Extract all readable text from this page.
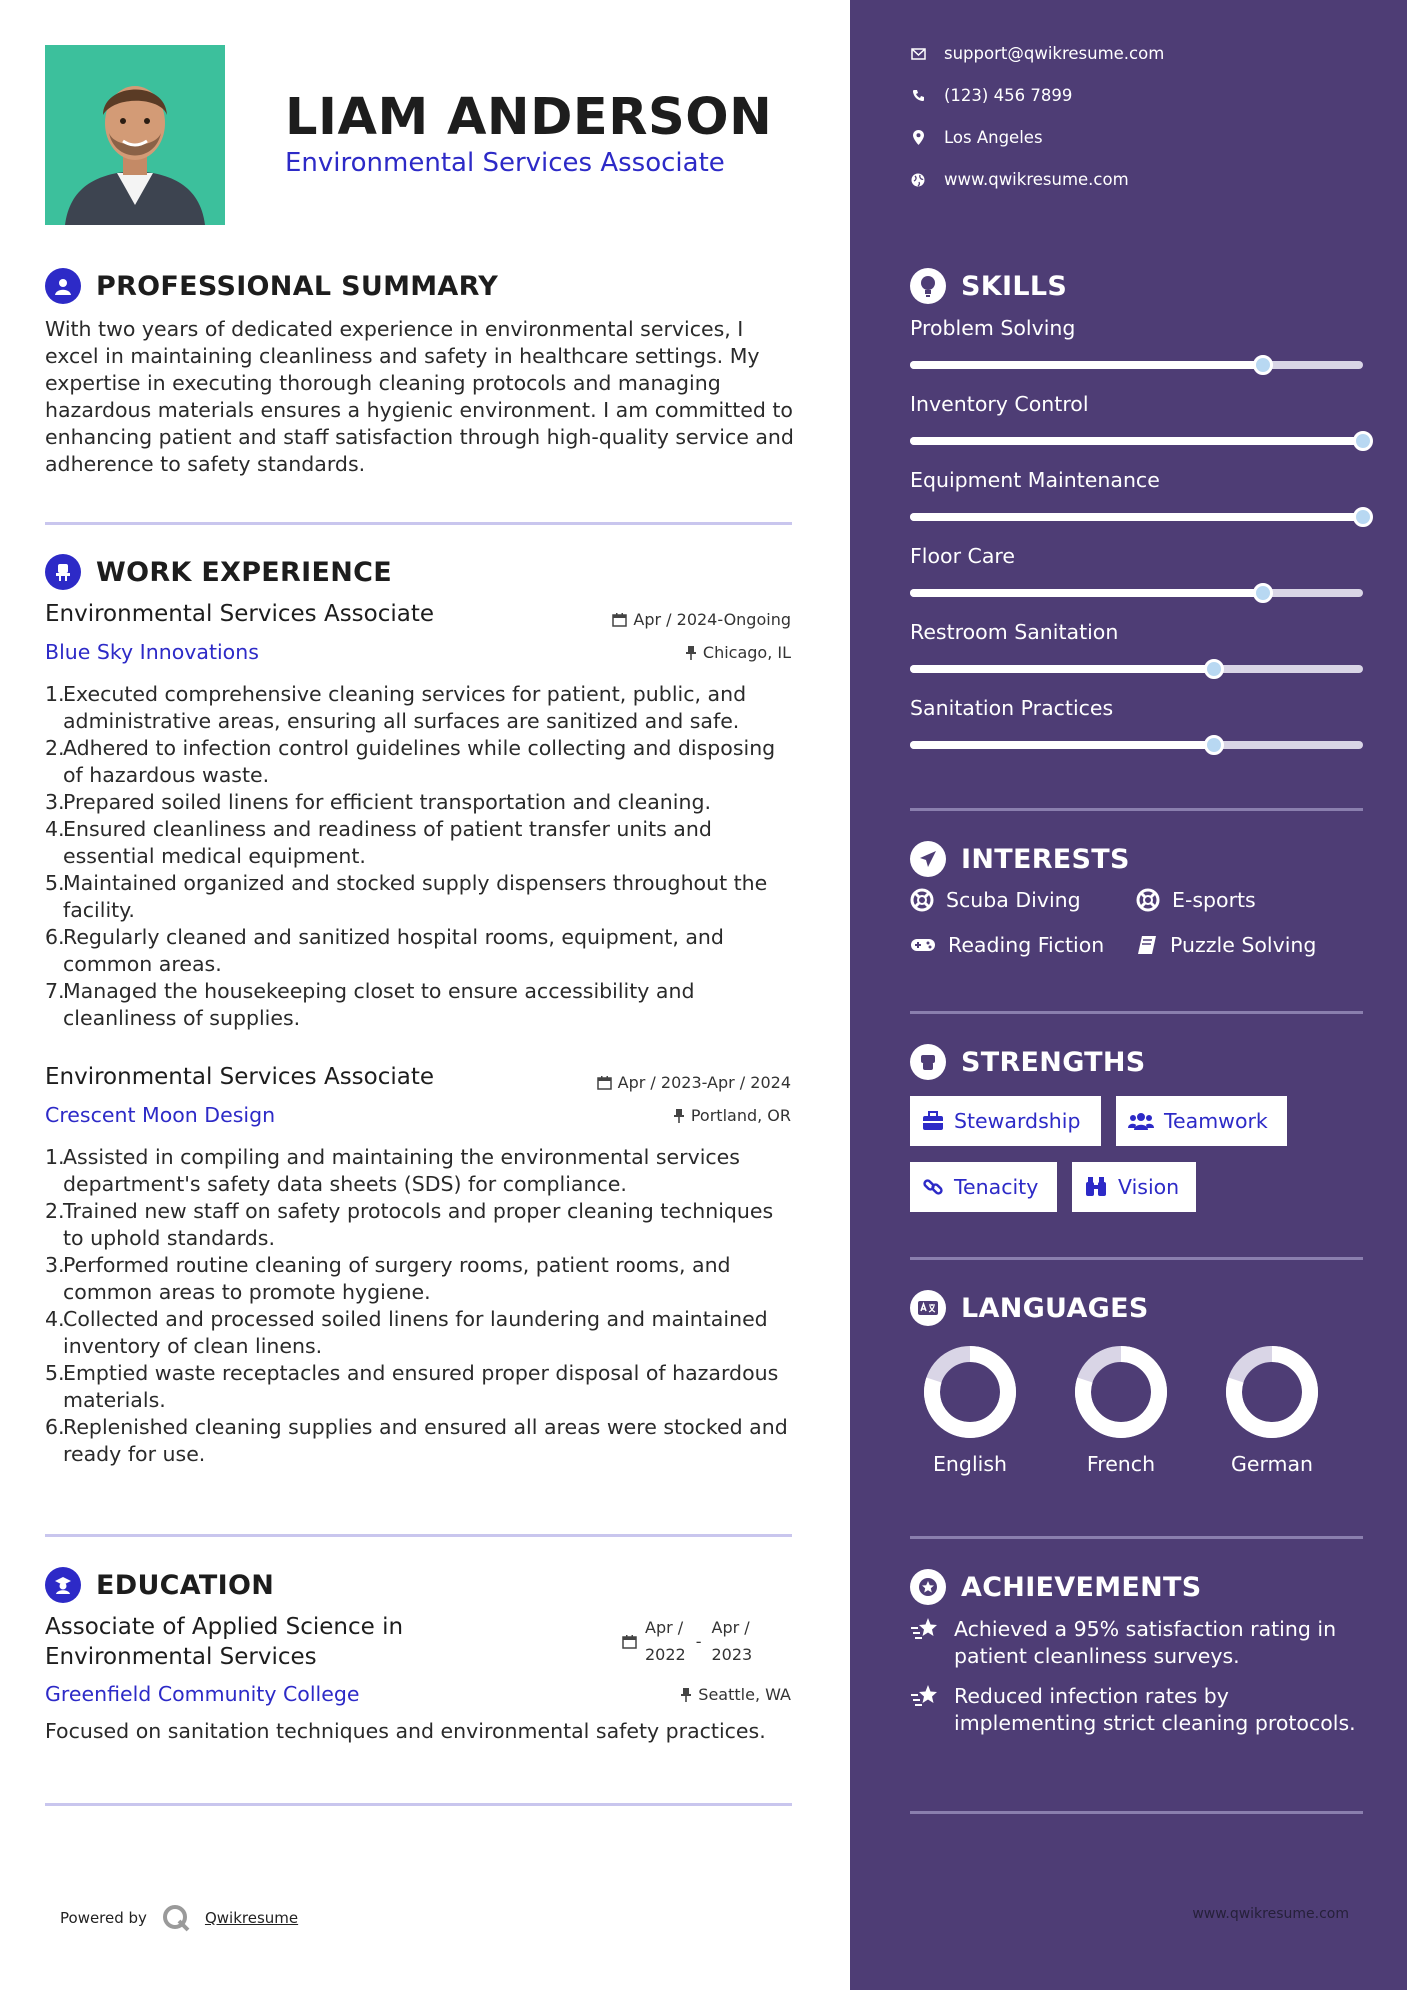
LIAM ANDERSON
Environmental Services Associate
PROFESSIONAL SUMMARY
With two years of dedicated experience in environmental services, I excel in maintaining cleanliness and safety in healthcare settings. My expertise in executing thorough cleaning protocols and managing hazardous materials ensures a hygienic environment. I am committed to enhancing patient and staff satisfaction through high-quality service and adherence to safety standards.
WORK EXPERIENCE
Environmental Services Associate	Apr / 2024-Ongoing
Blue Sky Innovations	Chicago, IL
1.
Executed comprehensive cleaning services for patient, public, and administrative areas, ensuring all surfaces are sanitized and safe.
2.
Adhered to infection control guidelines while collecting and disposing of hazardous waste.
3.
Prepared soiled linens for efficient transportation and cleaning.
4.
Ensured cleanliness and readiness of patient transfer units and essential medical equipment.
5.
Maintained organized and stocked supply dispensers throughout the facility.
6.
Regularly cleaned and sanitized hospital rooms, equipment, and common areas.
7.
Managed the housekeeping closet to ensure accessibility and cleanliness of supplies.
Environmental Services Associate	Apr / 2023-Apr / 2024
Crescent Moon Design	Portland, OR
1.
Assisted in compiling and maintaining the environmental services department's safety data sheets (SDS) for compliance.
2.
Trained new staff on safety protocols and proper cleaning techniques to uphold standards.
3.
Performed routine cleaning of surgery rooms, patient rooms, and common areas to promote hygiene.
4.
Collected and processed soiled linens for laundering and maintained inventory of clean linens.
5.
Emptied waste receptacles and ensured proper disposal of hazardous materials.
6.
Replenished cleaning supplies and ensured all areas were stocked and ready for use.
EDUCATION
Associate of Applied Science in
Environmental Services
Apr /
2022
-
Apr /
2023
Greenfield Community College	Seattle, WA
Focused on sanitation techniques and environmental safety practices.
Powered by	Qwikresume
support@qwikresume.com
(123) 456 7899
Los Angeles
www.qwikresume.com
SKILLS
Problem Solving
Inventory Control
Equipment Maintenance
Floor Care
Restroom Sanitation
Sanitation Practices
INTERESTS
Scuba Diving	E-sports
Reading Fiction	Puzzle Solving
STRENGTHS
Stewardship	Teamwork
Tenacity	Vision
LANGUAGES
English	French	German
ACHIEVEMENTS
Achieved a 95% satisfaction rating in patient cleanliness surveys.
Reduced infection rates by implementing strict cleaning protocols.
www.qwikresume.com
